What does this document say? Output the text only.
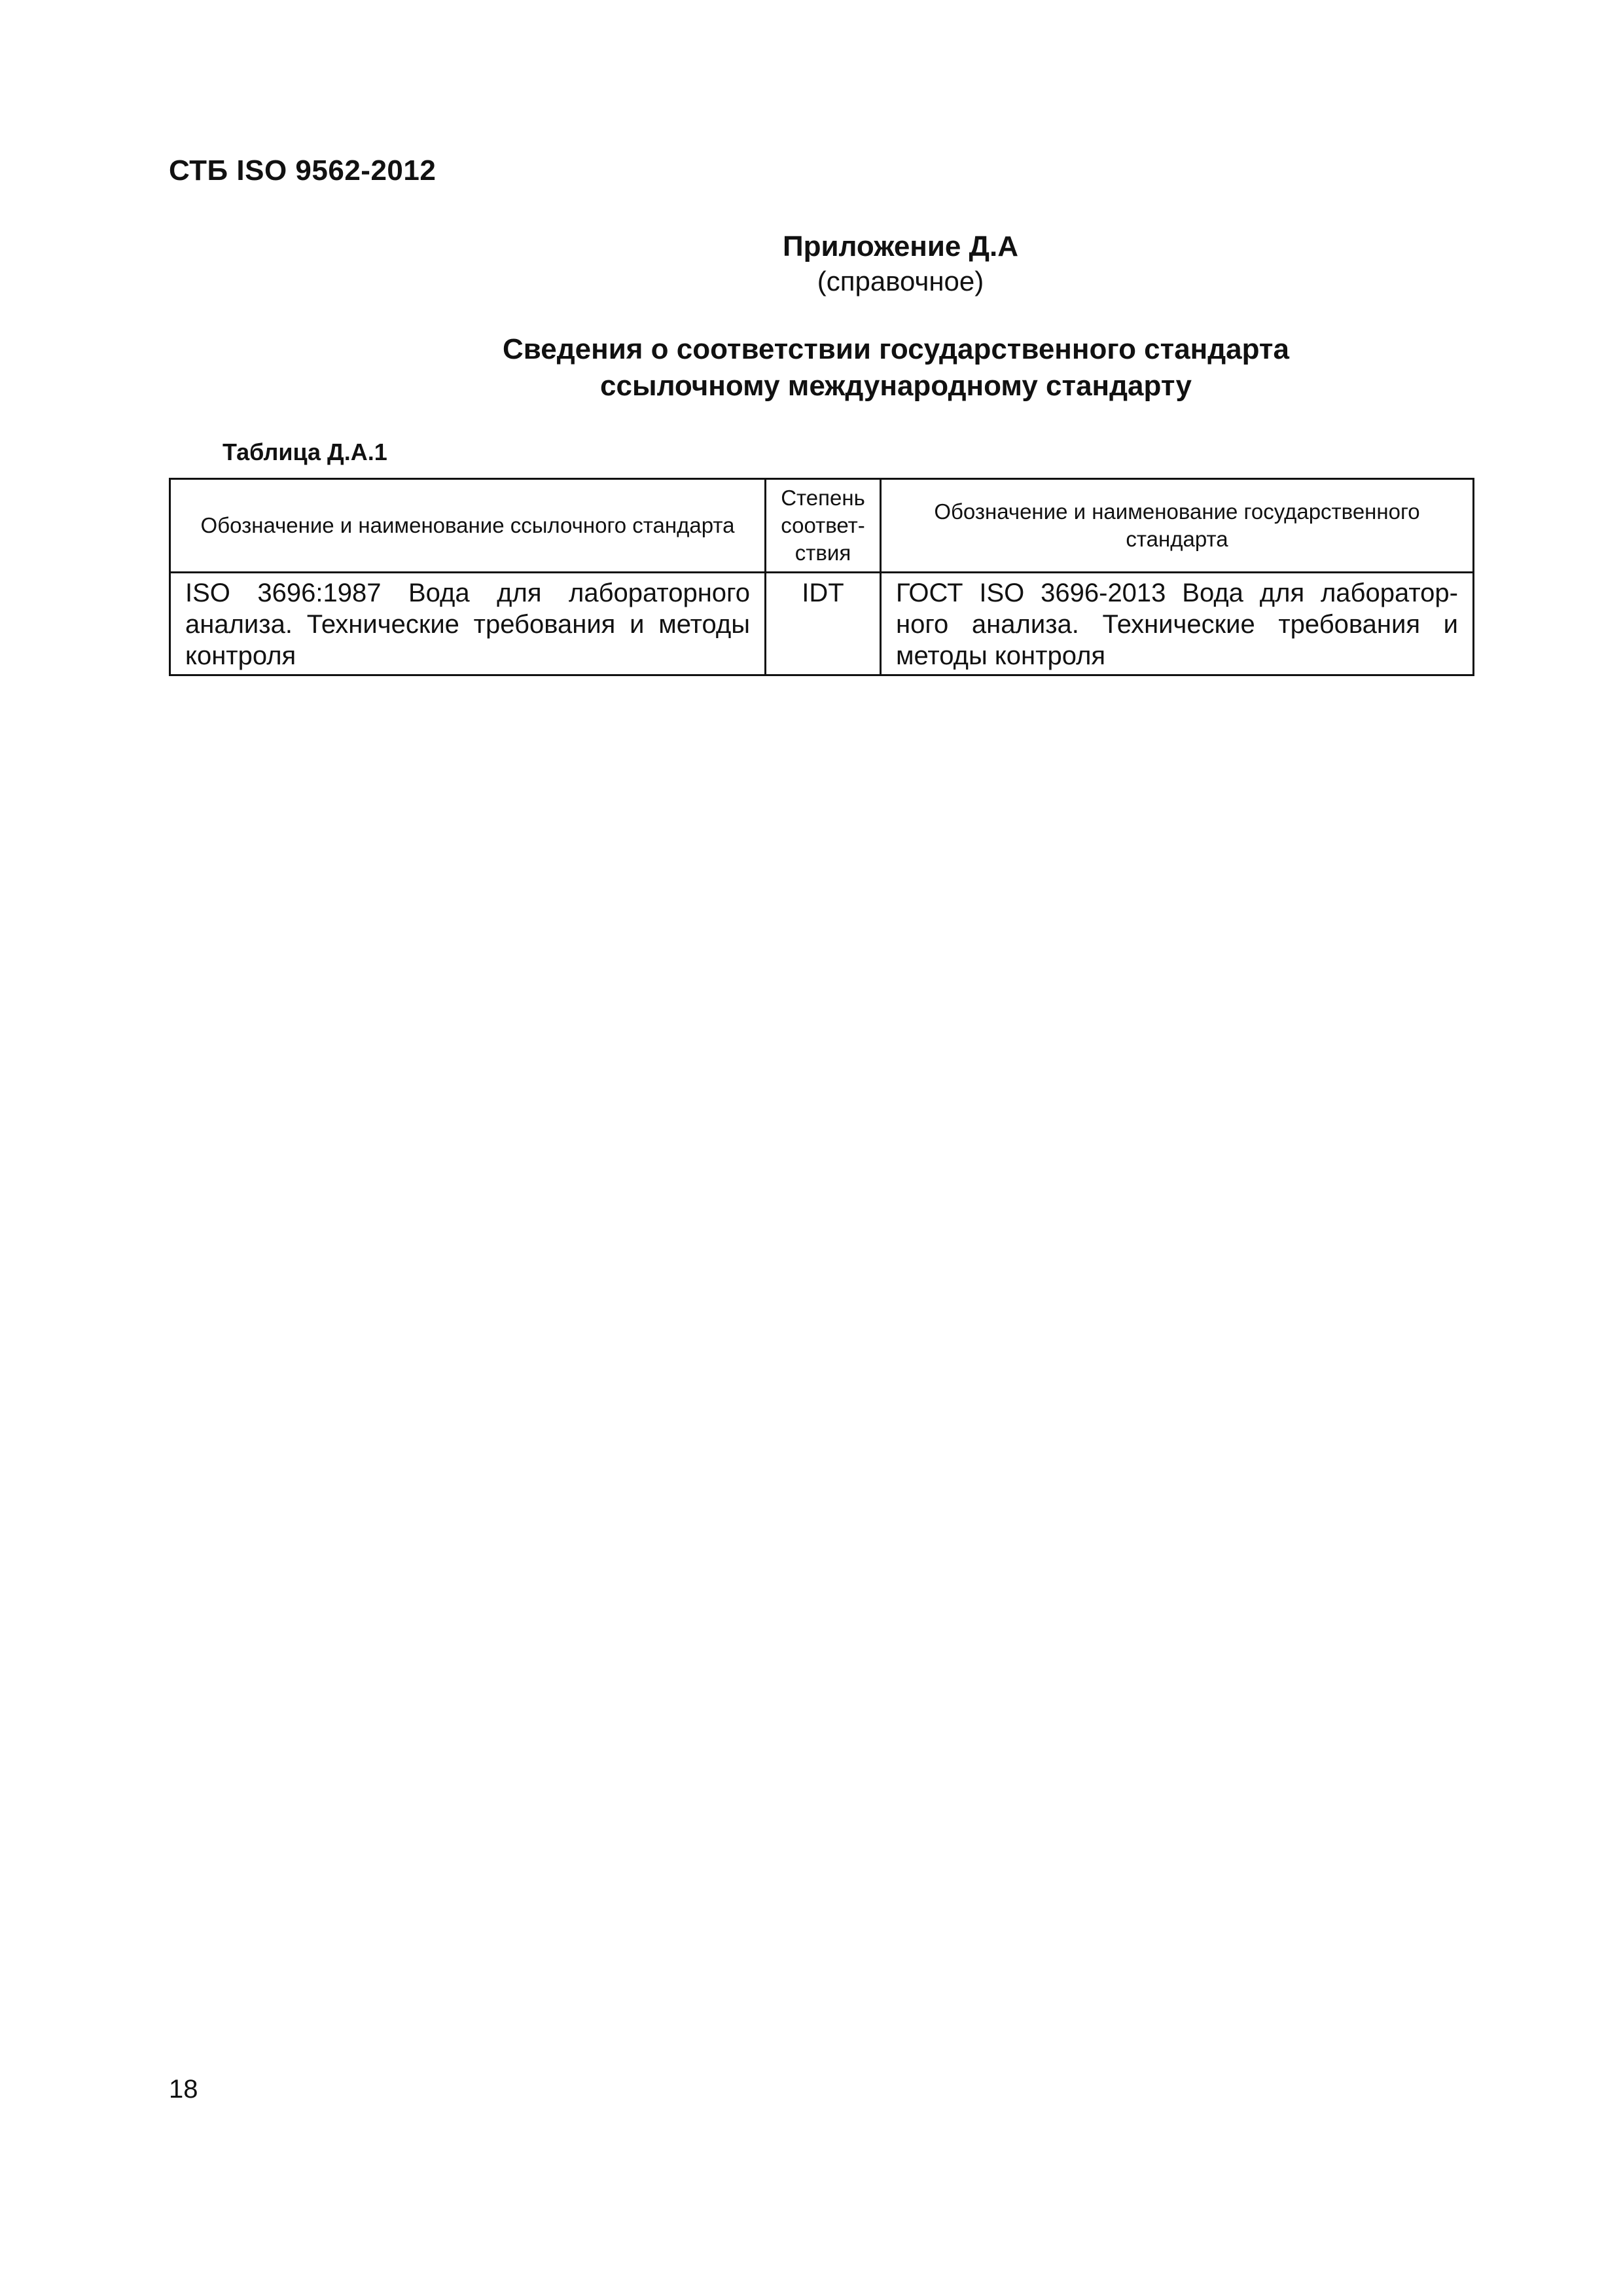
СТБ ISO 9562-2012
Приложение Д.А
(справочное)
Сведения о соответствии государственного стандарта
ссылочному международному стандарту
Таблица Д.А.1
Обозначение и наименование ссылочного стандарта	Степень соответ- ствия	Обозначение и наименование государственного стандарта
ISO 3696:1987 Вода для лабораторного анализа. Технические требования и методы контроля	IDT	ГОСТ ISO 3696-2013 Вода для лаборатор- ного анализа. Технические требования и методы контроля
18
